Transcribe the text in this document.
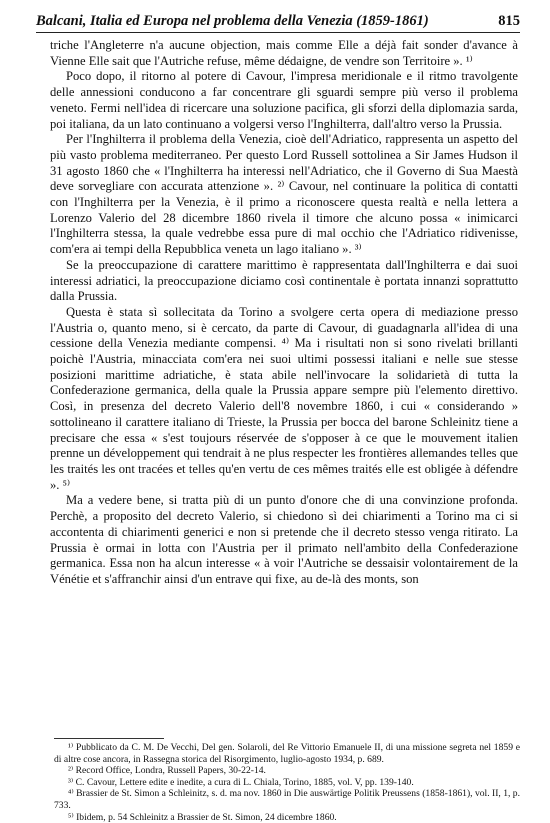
Balcani, Italia ed Europa nel problema della Venezia (1859-1861)	815

triche l'Angleterre n'a aucune objection, mais comme Elle a déjà fait sonder d'avance à Vienne Elle sait que l'Autriche refuse, même dédaigne, de vendre son Territoire ». ¹⁾

Poco dopo, il ritorno al potere di Cavour, l'impresa meridionale e il ritmo travolgente delle annessioni conducono a far concentrare gli sguardi sempre più verso il problema veneto. Fermi nell'idea di ricercare una soluzione pacifica, gli sforzi della diplomazia sarda, poi italiana, da un lato continuano a volgersi verso l'Inghilterra, dall'altro verso la Prussia.

Per l'Inghilterra il problema della Venezia, cioè dell'Adriatico, rappresenta un aspetto del più vasto problema mediterraneo. Per questo Lord Russell sottolinea a Sir James Hudson il 31 agosto 1860 che « l'Inghilterra ha interessi nell'Adriatico, che il Governo di Sua Maestà deve sorvegliare con accurata attenzione ». ²⁾ Cavour, nel continuare la politica di contatti con l'Inghilterra per la Venezia, è il primo a riconoscere questa realtà e nella lettera a Lorenzo Valerio del 28 dicembre 1860 rivela il timore che alcuno possa « inimicarci l'Inghilterra stessa, la quale vedrebbe essa pure di mal occhio che l'Adriatico ridivenisse, com'era ai tempi della Repubblica veneta un lago italiano ». ³⁾

Se la preoccupazione di carattere marittimo è rappresentata dall'Inghilterra e dai suoi interessi adriatici, la preoccupazione diciamo così continentale è portata innanzi soprattutto dalla Prussia.

Questa è stata sì sollecitata da Torino a svolgere certa opera di mediazione presso l'Austria o, quanto meno, si è cercato, da parte di Cavour, di guadagnarla all'idea di una cessione della Venezia mediante compensi. ⁴⁾ Ma i risultati non si sono rivelati brillanti poichè l'Austria, minacciata com'era nei suoi ultimi possessi italiani e nelle sue stesse posizioni marittime adriatiche, è stata abile nell'invocare la solidarietà di tutta la Confederazione germanica, della quale la Prussia appare sempre più l'elemento direttivo. Così, in presenza del decreto Valerio dell'8 novembre 1860, i cui « considerando » sottolineano il carattere italiano di Trieste, la Prussia per bocca del barone Schleinitz tiene a precisare che essa « s'est toujours réservée de s'opposer à ce que le mouvement italien prenne un développement qui tendrait à ne plus respecter les frontières allemandes telles que les traités les ont tracées et telles qu'en vertu de ces mêmes traités elle est obligée à défendre ». ⁵⁾

Ma a vedere bene, si tratta più di un punto d'onore che di una convinzione profonda. Perchè, a proposito del decreto Valerio, si chiedono sì dei chiarimenti a Torino ma ci si accontenta di chiarimenti generici e non si pretende che il decreto stesso venga ritirato. La Prussia è ormai in lotta con l'Austria per il primato nell'ambito della Confederazione germanica. Essa non ha alcun interesse « à voir l'Autriche se dessaisir volontairement de la Vénétie et s'affranchir ainsi d'un entrave qui fixe, au de-là des monts, son

¹⁾ Pubblicato da C. M. De Vecchi, Del gen. Solaroli, del Re Vittorio Emanuele II, di una missione segreta nel 1859 e di altre cose ancora, in Rassegna storica del Risorgimento, luglio-agosto 1934, p. 689.

²⁾ Record Office, Londra, Russell Papers, 30-22-14.

³⁾ C. Cavour, Lettere edite e inedite, a cura di L. Chiala, Torino, 1885, vol. V, pp. 139-140.

⁴⁾ Brassier de St. Simon a Schleinitz, s. d. ma nov. 1860 in Die auswärtige Politik Preussens (1858-1861), vol. II, 1, p. 733.

⁵⁾ Ibidem, p. 54 Schleinitz a Brassier de St. Simon, 24 dicembre 1860.
